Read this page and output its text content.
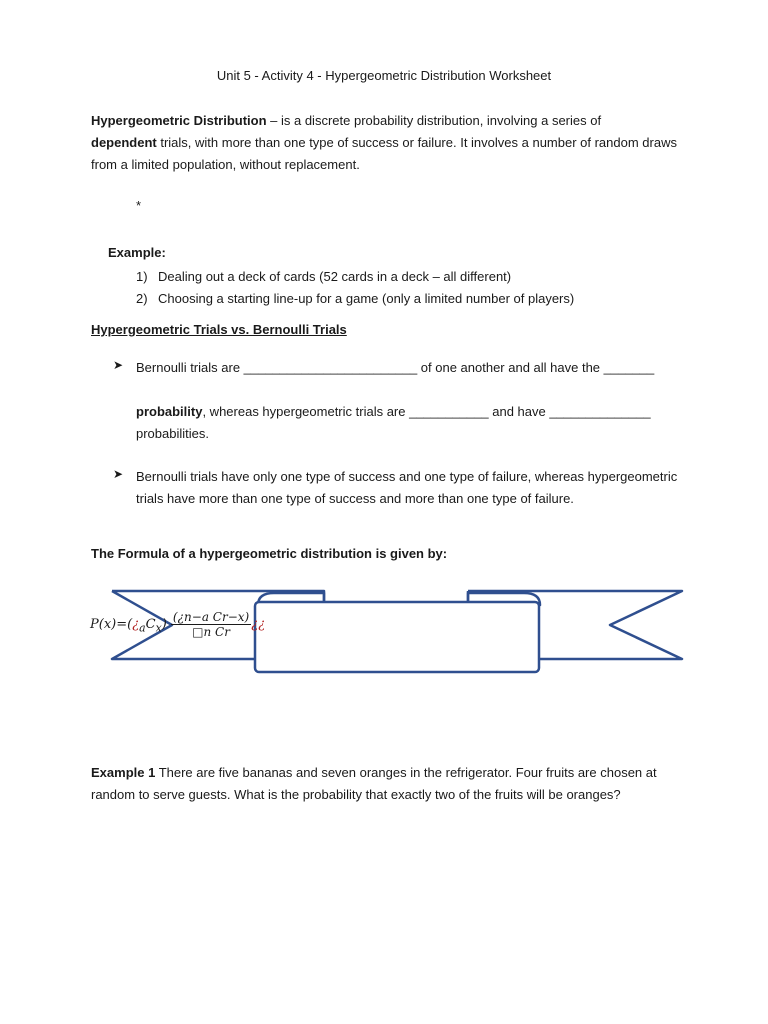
Unit 5 - Activity 4 - Hypergeometric Distribution Worksheet
Hypergeometric Distribution – is a discrete probability distribution, involving a series of
dependent trials, with more than one type of success or failure. It involves a number of random draws from a limited population, without replacement.
*
Example:
1) Dealing out a deck of cards (52 cards in a deck – all different)
2) Choosing a starting line-up for a game (only a limited number of players)
Hypergeometric Trials vs. Bernoulli Trials
➤ Bernoulli trials are ________________________ of one another and all have the _______
probability, whereas hypergeometric trials are ___________ and have ______________ probabilities.
➤ Bernoulli trials have only one type of success and one type of failure, whereas hypergeometric trials have more than one type of success and more than one type of failure.
The Formula of a hypergeometric distribution is given by:
$P(x)=(¿_aC_x) \frac{\text{(¿n−a Cr−x)}}{\text{□n Cr}}$ ¿¿
Example 1 There are five bananas and seven oranges in the refrigerator. Four fruits are chosen at random to serve guests. What is the probability that exactly two of the fruits will be oranges?
